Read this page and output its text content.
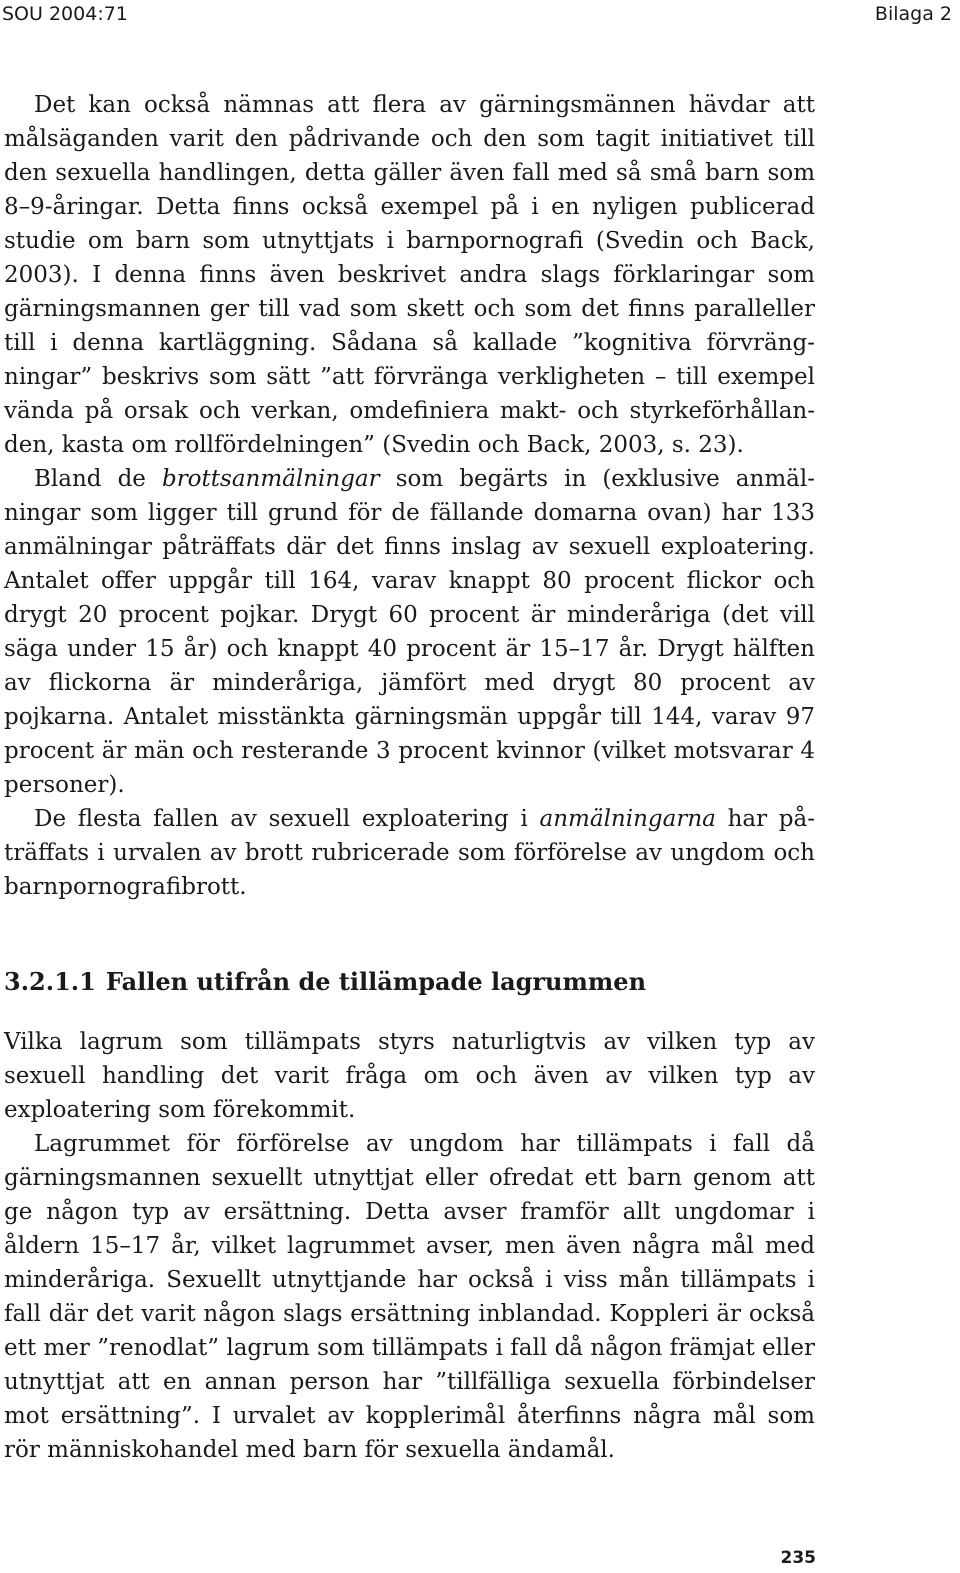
SOU 2004:71	Bilaga 2

Det kan också nämnas att flera av gärningsmännen hävdar att målsäganden varit den pådrivande och den som tagit initiativet till den sexuella handlingen, detta gäller även fall med så små barn som 8–9-åringar. Detta finns också exempel på i en nyligen publicerad studie om barn som utnyttjats i barnpornografi (Svedin och Back, 2003). I denna finns även beskrivet andra slags förklaringar som gärningsmannen ger till vad som skett och som det finns paralleller till i denna kartläggning. Sådana så kallade ”kognitiva förvrängningar” beskrivs som sätt ”att förvränga verkligheten – till exempel vända på orsak och verkan, omdefiniera makt- och styrkeförhållanden, kasta om rollfördelningen” (Svedin och Back, 2003, s. 23).

Bland de brottsanmälningar som begärts in (exklusive anmälningar som ligger till grund för de fällande domarna ovan) har 133 anmälningar påträffats där det finns inslag av sexuell exploatering. Antalet offer uppgår till 164, varav knappt 80 procent flickor och drygt 20 procent pojkar. Drygt 60 procent är minderåriga (det vill säga under 15 år) och knappt 40 procent är 15–17 år. Drygt hälften av flickorna är minderåriga, jämfört med drygt 80 procent av pojkarna. Antalet misstänkta gärningsmän uppgår till 144, varav 97 procent är män och resterande 3 procent kvinnor (vilket motsvarar 4 personer).

De flesta fallen av sexuell exploatering i anmälningarna har påträffats i urvalen av brott rubricerade som förförelse av ungdom och barnpornografibrott.

3.2.1.1 Fallen utifrån de tillämpade lagrummen

Vilka lagrum som tillämpats styrs naturligtvis av vilken typ av sexuell handling det varit fråga om och även av vilken typ av exploatering som förekommit.

Lagrummet för förförelse av ungdom har tillämpats i fall då gärningsmannen sexuellt utnyttjat eller ofredat ett barn genom att ge någon typ av ersättning. Detta avser framför allt ungdomar i åldern 15–17 år, vilket lagrummet avser, men även några mål med minderåriga. Sexuellt utnyttjande har också i viss mån tillämpats i fall där det varit någon slags ersättning inblandad. Koppleri är också ett mer ”renodlat” lagrum som tillämpats i fall då någon främjat eller utnyttjat att en annan person har ”tillfälliga sexuella förbindelser mot ersättning”. I urvalet av kopplerimål återfinns några mål som rör människohandel med barn för sexuella ändamål.

235
